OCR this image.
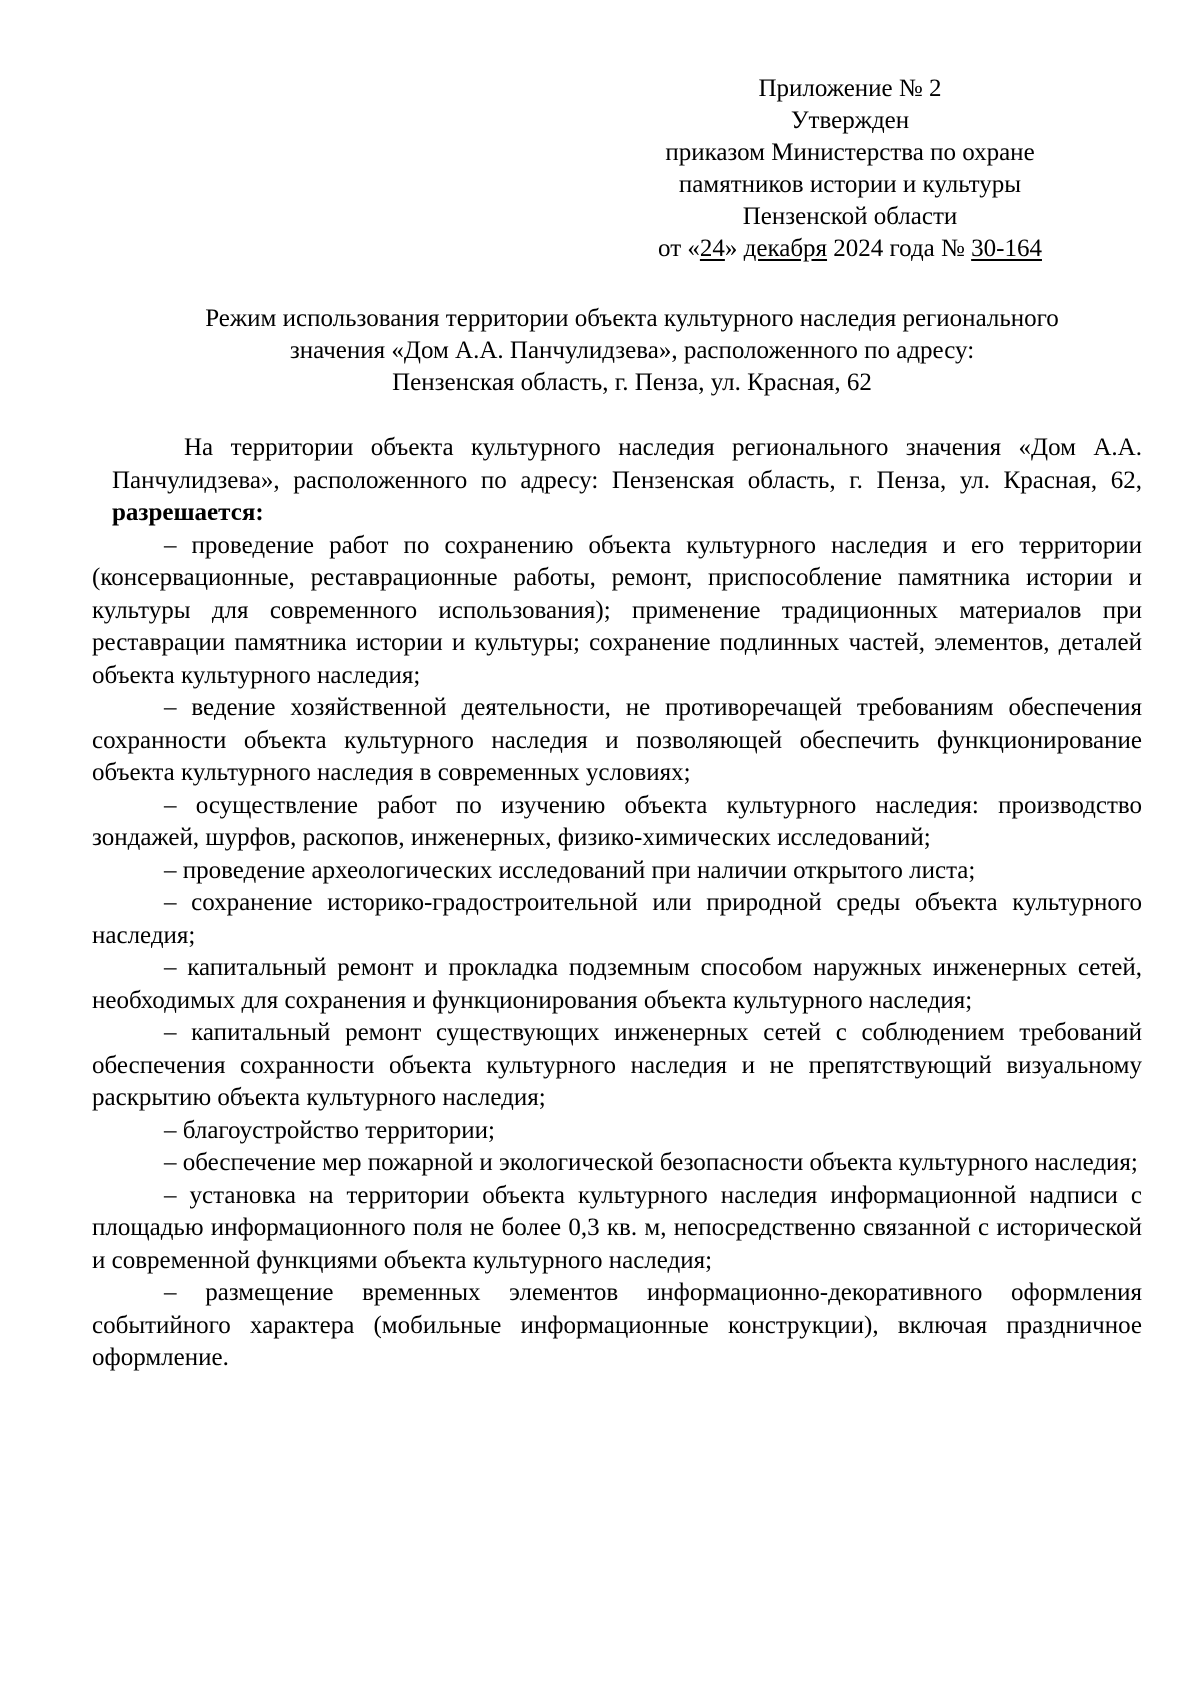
Приложение № 2
Утвержден
приказом Министерства по охране
памятников истории и культуры
Пензенской области
от «24» декабря 2024 года № 30-164
Режим использования территории объекта культурного наследия регионального
значения «Дом А.А. Панчулидзева», расположенного по адресу:
Пензенская область, г. Пенза, ул. Красная, 62

На территории объекта культурного наследия регионального значения «Дом А.А. Панчулидзева», расположенного по адресу: Пензенская область, г. Пенза, ул. Красная, 62, разрешается:

– проведение работ по сохранению объекта культурного наследия и его территории (консервационные, реставрационные работы, ремонт, приспособление памятника истории и культуры для современного использования); применение традиционных материалов при реставрации памятника истории и культуры; сохранение подлинных частей, элементов, деталей объекта культурного наследия;

– ведение хозяйственной деятельности, не противоречащей требованиям обеспечения сохранности объекта культурного наследия и позволяющей обеспечить функционирование объекта культурного наследия в современных условиях;

– осуществление работ по изучению объекта культурного наследия: производство зондажей, шурфов, раскопов, инженерных, физико-химических исследований;

– проведение археологических исследований при наличии открытого листа;

– сохранение историко-градостроительной или природной среды объекта культурного наследия;

– капитальный ремонт и прокладка подземным способом наружных инженерных сетей, необходимых для сохранения и функционирования объекта культурного наследия;

– капитальный ремонт существующих инженерных сетей с соблюдением требований обеспечения сохранности объекта культурного наследия и не препятствующий визуальному раскрытию объекта культурного наследия;

– благоустройство территории;

– обеспечение мер пожарной и экологической безопасности объекта культурного наследия;

– установка на территории объекта культурного наследия информационной надписи с площадью информационного поля не более 0,3 кв. м, непосредственно связанной с исторической и современной функциями объекта культурного наследия;

– размещение временных элементов информационно-декоративного оформления событийного характера (мобильные информационные конструкции), включая праздничное оформление.
